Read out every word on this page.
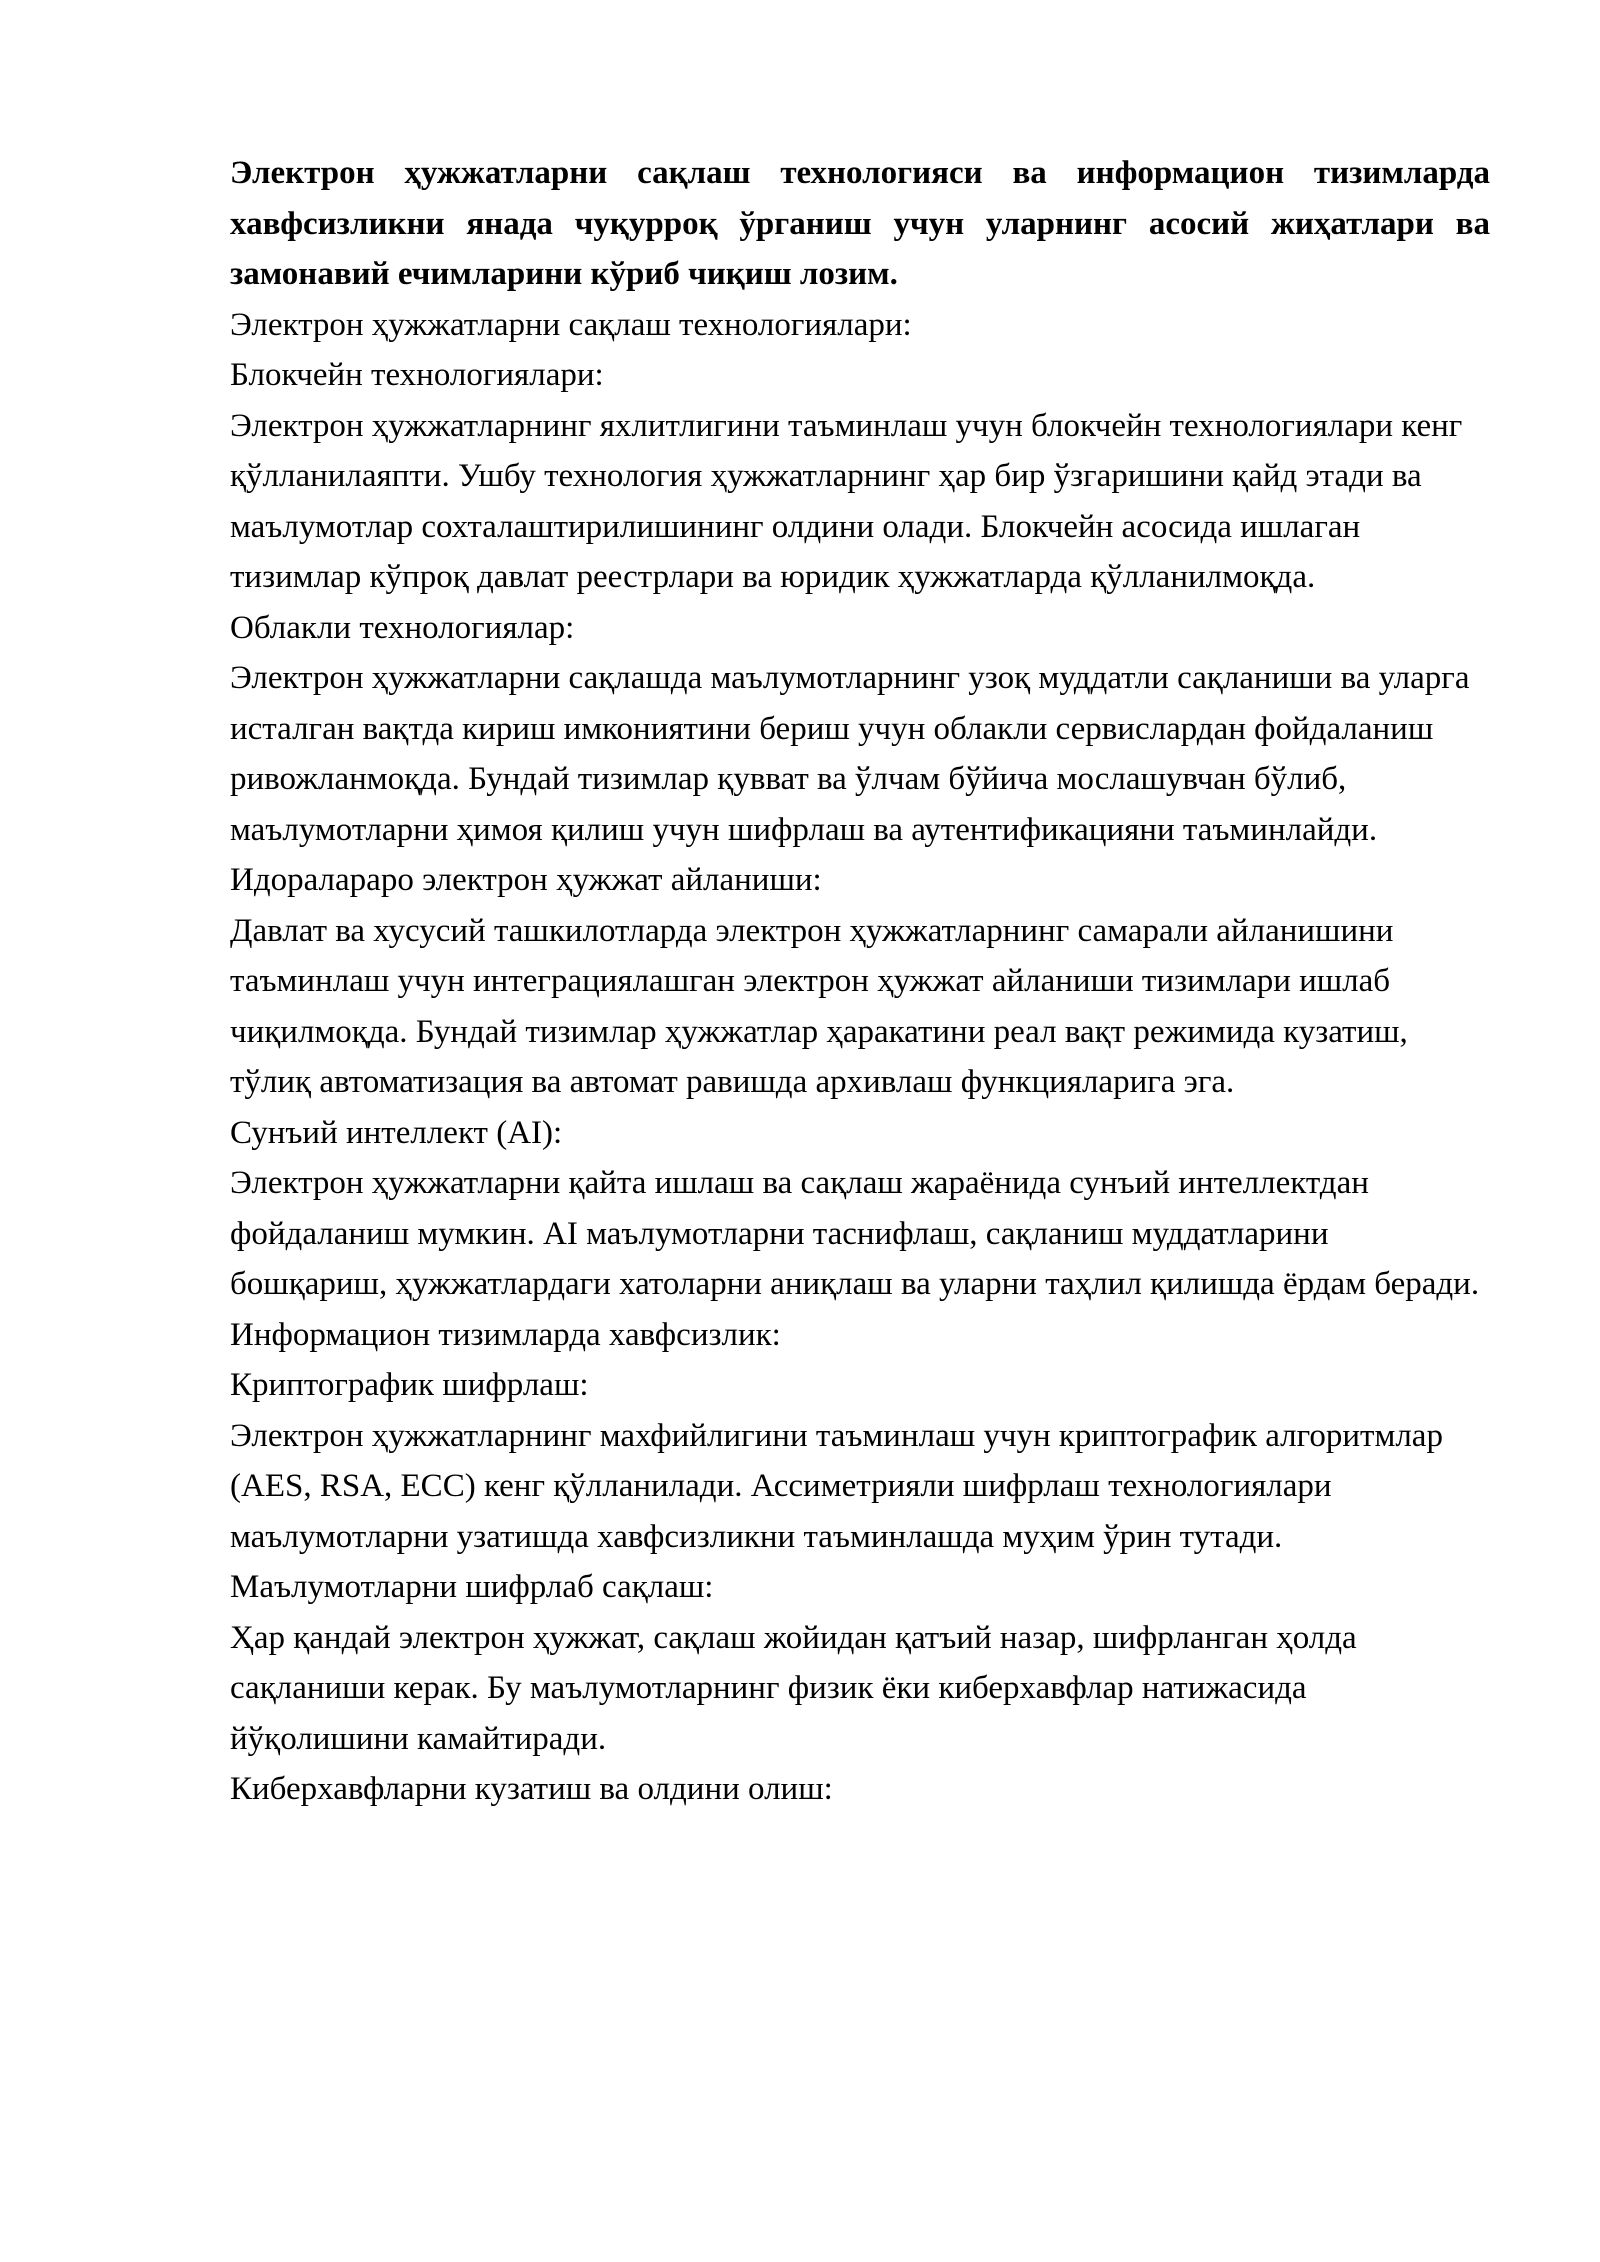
Электрон ҳужжатларни сақлаш технологияси ва информацион тизимларда хавфсизликни янада чуқурроқ ўрганиш учун уларнинг асосий жиҳатлари ва замонавий ечимларини кўриб чиқиш лозим.

Электрон ҳужжатларни сақлаш технологиялари:

Блокчейн технологиялари:

Электрон ҳужжатларнинг яхлитлигини таъминлаш учун блокчейн технологиялари кенг қўлланилаяпти. Ушбу технология ҳужжатларнинг ҳар бир ўзгаришини қайд этади ва маълумотлар сохталаштирилишининг олдини олади. Блокчейн асосида ишлаган тизимлар кўпроқ давлат реестрлари ва юридик ҳужжатларда қўлланилмоқда.

Облакли технологиялар:

Электрон ҳужжатларни сақлашда маълумотларнинг узоқ муддатли сақланиши ва уларга исталган вақтда кириш имкониятини бериш учун облакли сервислардан фойдаланиш ривожланмоқда. Бундай тизимлар қувват ва ўлчам бўйича мослашувчан бўлиб, маълумотларни ҳимоя қилиш учун шифрлаш ва аутентификацияни таъминлайди.

Идоралараро электрон ҳужжат айланиши:

Давлат ва хусусий ташкилотларда электрон ҳужжатларнинг самарали айланишини таъминлаш учун интеграциялашган электрон ҳужжат айланиши тизимлари ишлаб чиқилмоқда. Бундай тизимлар ҳужжатлар ҳаракатини реал вақт режимида кузатиш, тўлиқ автоматизация ва автомат равишда архивлаш функцияларига эга.

Сунъий интеллект (AI):

Электрон ҳужжатларни қайта ишлаш ва сақлаш жараёнида сунъий интеллектдан фойдаланиш мумкин. AI маълумотларни таснифлаш, сақланиш муддатларини бошқариш, ҳужжатлардаги хатоларни аниқлаш ва уларни таҳлил қилишда ёрдам беради.

Информацион тизимларда хавфсизлик:

Криптографик шифрлаш:

Электрон ҳужжатларнинг махфийлигини таъминлаш учун криптографик алгоритмлар (AES, RSA, ECC) кенг қўлланилади. Ассиметрияли шифрлаш технологиялари маълумотларни узатишда хавфсизликни таъминлашда муҳим ўрин тутади.

Маълумотларни шифрлаб сақлаш:

Ҳар қандай электрон ҳужжат, сақлаш жойидан қатъий назар, шифрланган ҳолда сақланиши керак. Бу маълумотларнинг физик ёки киберхавфлар натижасида йўқолишини камайтиради.

Киберхавфларни кузатиш ва олдини олиш:
